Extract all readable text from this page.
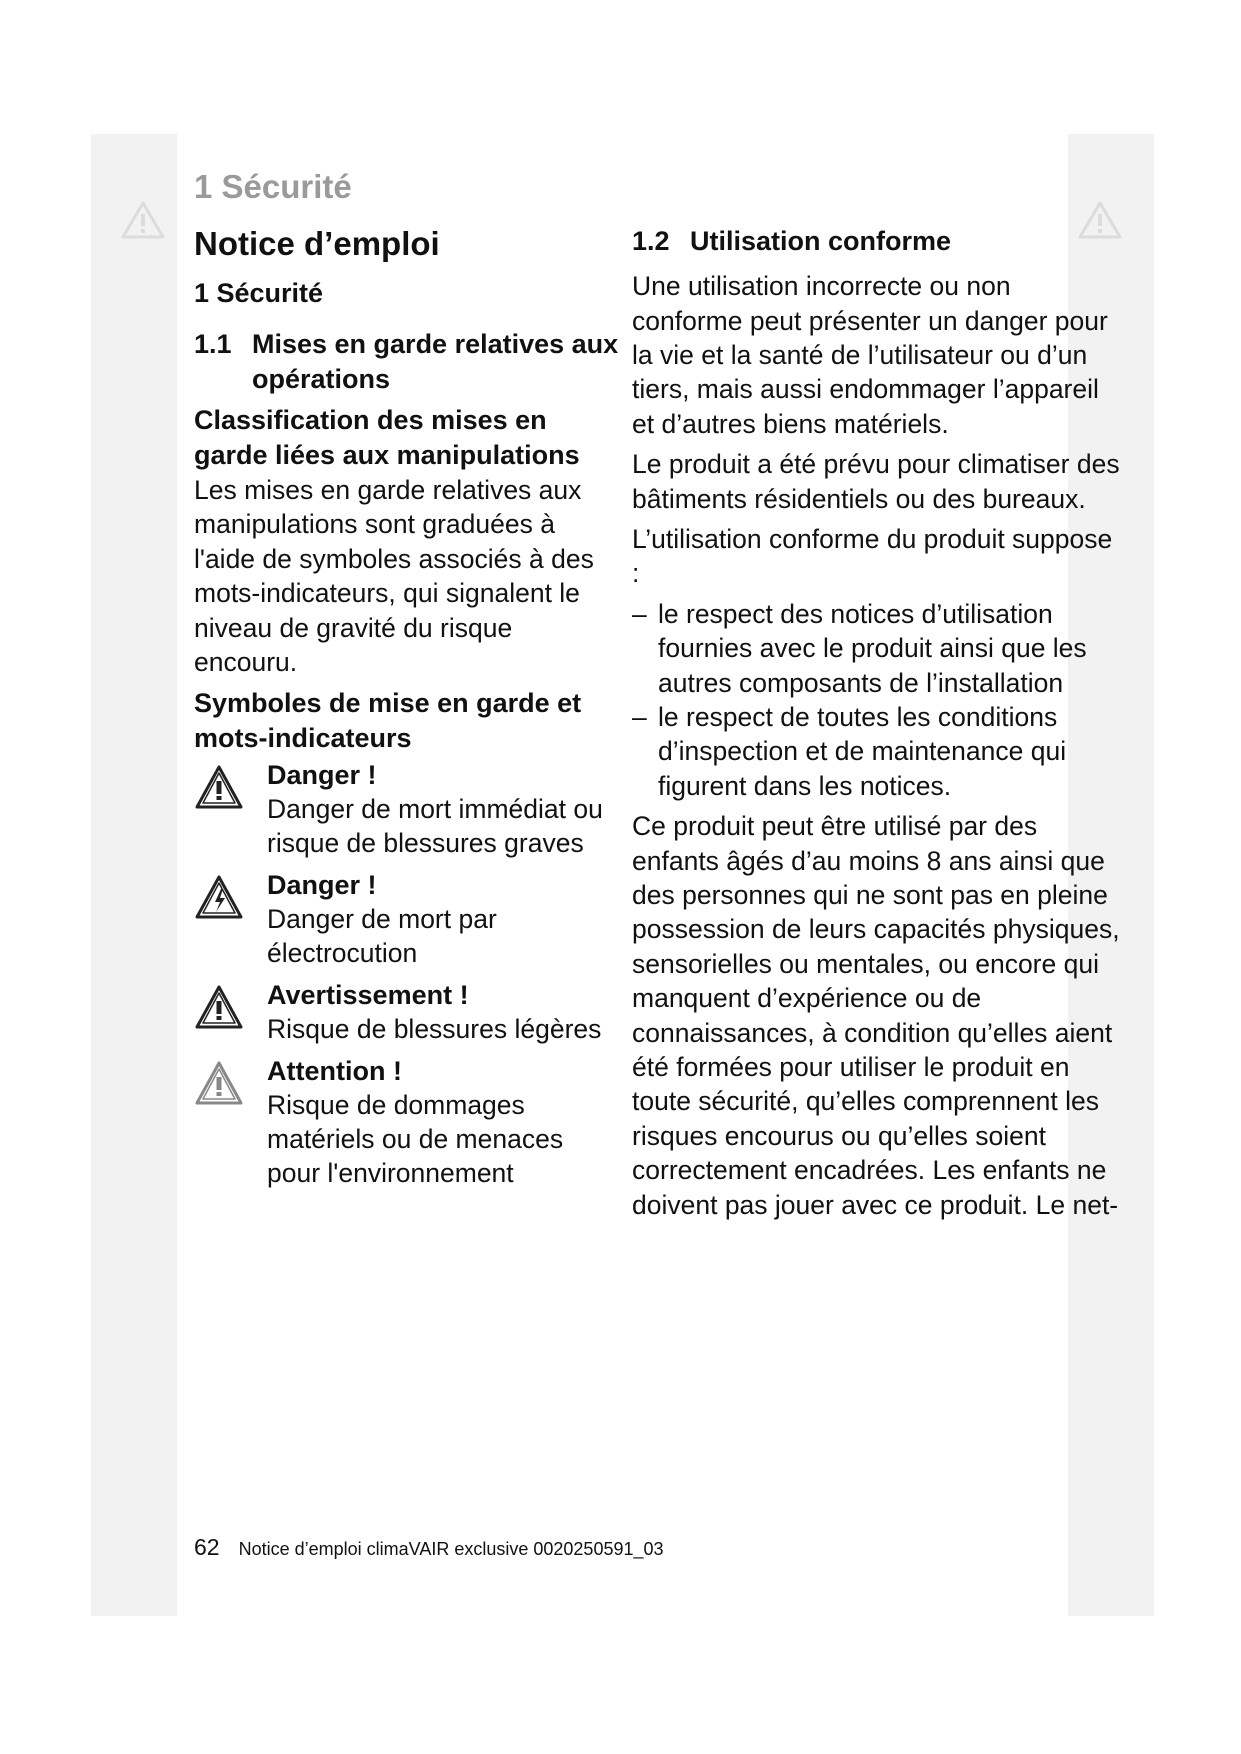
1 Sécurité
Notice d’emploi
1 Sécurité
1.1 Mises en garde relatives aux opérations
Classification des mises en garde liées aux manipulations

Les mises en garde relatives aux manipulations sont graduées à l'aide de symboles associés à des mots-indicateurs, qui signalent le niveau de gravité du risque encouru.

Symboles de mise en garde et mots-indicateurs
Danger !
Danger de mort immédiat ou risque de blessures graves
Danger !
Danger de mort par électrocution
Avertissement !
Risque de blessures légères
Attention !
Risque de dommages matériels ou de menaces pour l'environnement
1.2 Utilisation conforme

Une utilisation incorrecte ou non conforme peut présenter un danger pour la vie et la santé de l’utilisateur ou d’un tiers, mais aussi endommager l’appareil et d’autres biens matériels.

Le produit a été prévu pour climatiser des bâtiments résidentiels ou des bureaux.

L’utilisation conforme du produit suppose :

– le respect des notices d’utilisation fournies avec le produit ainsi que les autres composants de l’installation
– le respect de toutes les conditions d’inspection et de maintenance qui figurent dans les notices.

Ce produit peut être utilisé par des enfants âgés d’au moins 8 ans ainsi que des personnes qui ne sont pas en pleine possession de leurs capacités physiques, sensorielles ou mentales, ou encore qui manquent d’expérience ou de connaissances, à condition qu’elles aient été formées pour utiliser le produit en toute sécurité, qu’elles comprennent les risques encourus ou qu’elles soient correctement encadrées. Les enfants ne doivent pas jouer avec ce produit. Le net-

62 Notice d’emploi climaVAIR exclusive 0020250591_03
